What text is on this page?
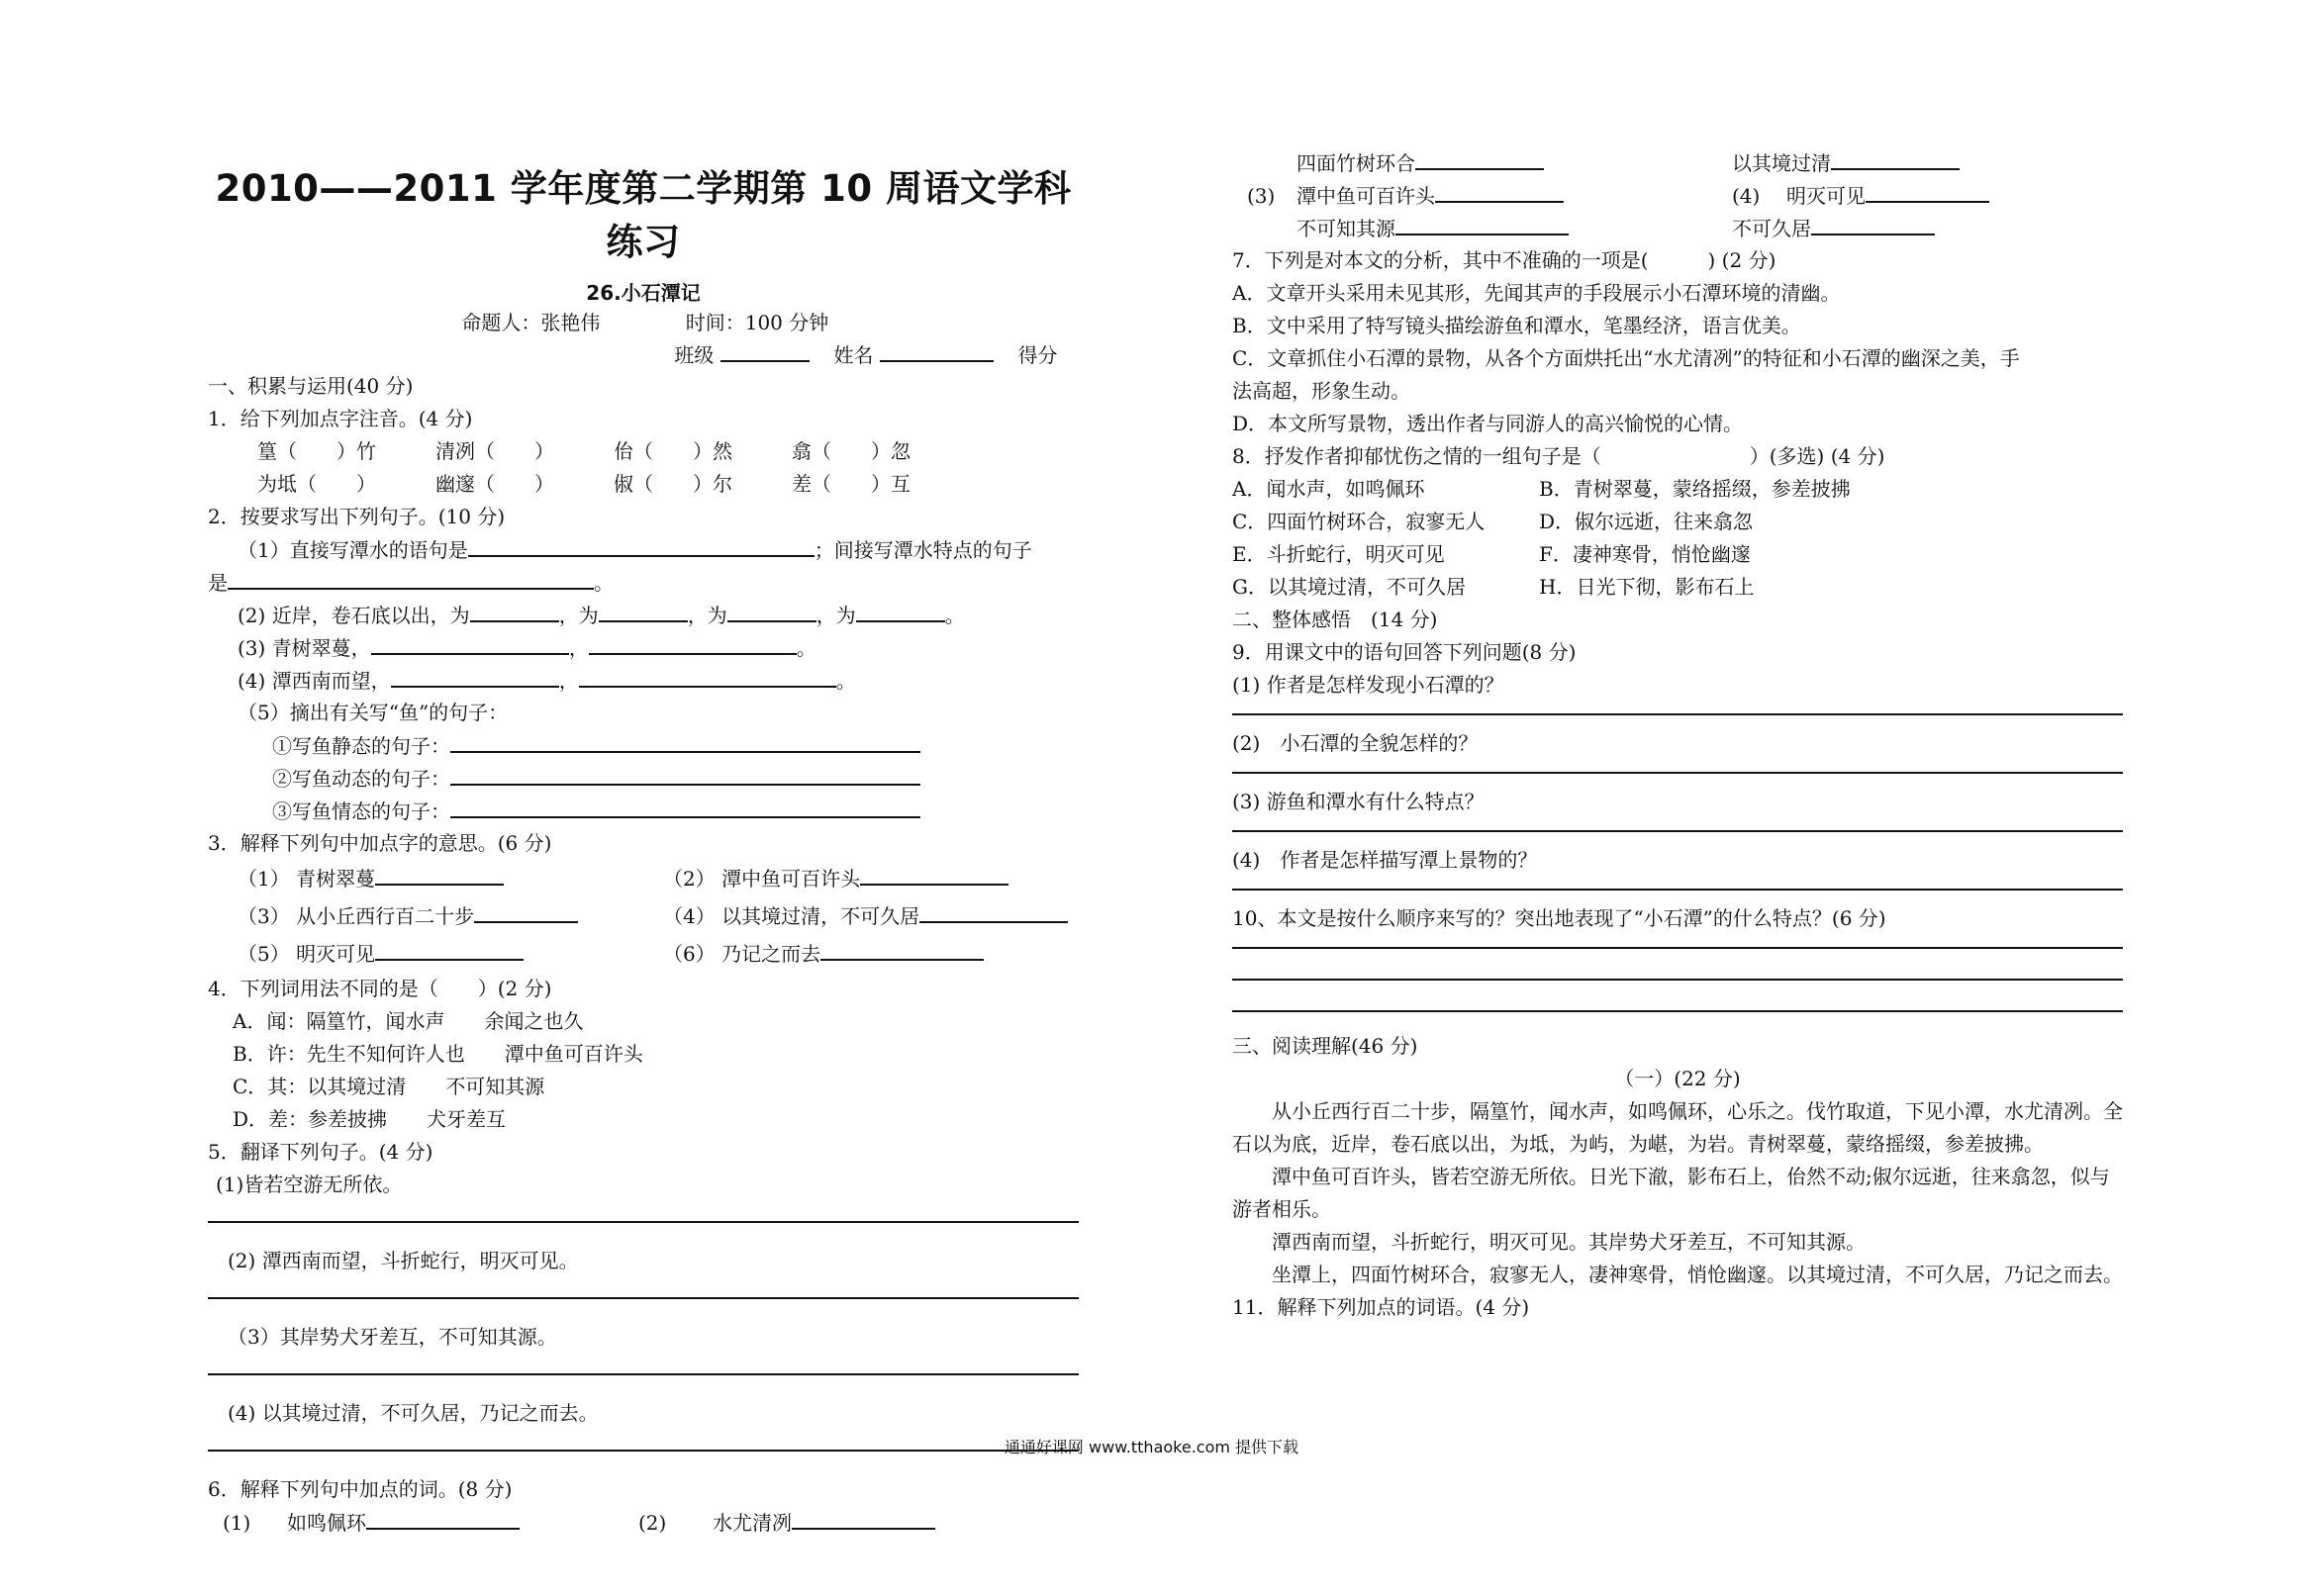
2010——2011 学年度第二学期第 10 周语文学科练习
26.小石潭记
命题人：张艳伟	时间：100 分钟
班级	姓名	得分
一、积累与运用(40 分)
1．给下列加点字注音。(4 分)
篁（　　）竹	清冽（　　）	佁（　　）然	翕（　　）忽
为坻（　　）	幽邃（　　）	俶（　　）尔	差（　　）互
2．按要求写出下列句子。(10 分)
（1）直接写潭水的语句是	；间接写潭水特点的句子
是	。
(2) 近岸，卷石底以出，为	，为	，为	，为	。
(3) 青树翠蔓，	，	。
(4) 潭西南而望，	，	。
（5）摘出有关写“鱼”的句子：
①写鱼静态的句子：
②写鱼动态的句子：
③写鱼情态的句子：
3．解释下列句中加点字的意思。(6 分)
（1） 青树翠蔓	（2） 潭中鱼可百许头
（3） 从小丘西行百二十步	（4） 以其境过清，不可久居
（5） 明灭可见	（6） 乃记之而去
4．下列词用法不同的是（　　）(2 分)
A．闻：隔篁竹，闻水声　　 余闻之也久
B．许：先生不知何许人也　　 潭中鱼可百许头
C．其：以其境过清　　 不可知其源
D．差：参差披拂　　 犬牙差互
5．翻译下列句子。(4 分)
(1)皆若空游无所依。
(2) 潭西南而望，斗折蛇行，明灭可见。
（3）其岸势犬牙差互，不可知其源。
(4) 以其境过清，不可久居，乃记之而去。
6．解释下列句中加点的词。(8 分)
(1) 如鸣佩环	(2) 水尤清冽
四面竹树环合	以其境过清
(3) 潭中鱼可百许头	(4) 明灭可见
不可知其源	不可久居
7．下列是对本文的分析，其中不准确的一项是(　　　) (2 分)
A．文章开头采用未见其形，先闻其声的手段展示小石潭环境的清幽。
B．文中采用了特写镜头描绘游鱼和潭水，笔墨经济，语言优美。
C．文章抓住小石潭的景物，从各个方面烘托出“水尤清冽”的特征和小石潭的幽深之美，手
法高超，形象生动。
D．本文所写景物，透出作者与同游人的高兴愉悦的心情。
8．抒发作者抑郁忧伤之情的一组句子是（	）(多选) (4 分)
A．闻水声，如鸣佩环	B．青树翠蔓，蒙络摇缀，参差披拂
C．四面竹树环合，寂寥无人	D．俶尔远逝，往来翕忽
E．斗折蛇行，明灭可见	F．凄神寒骨，悄怆幽邃
G．以其境过清，不可久居	H．日光下彻，影布石上
二、整体感悟　(14 分)
9．用课文中的语句回答下列问题(8 分)
(1) 作者是怎样发现小石潭的？
(2)　小石潭的全貌怎样的？
(3) 游鱼和潭水有什么特点？
(4)　作者是怎样描写潭上景物的？
10、本文是按什么顺序来写的？突出地表现了“小石潭”的什么特点？(6 分)
三、阅读理解(46 分)
（一）(22 分)
从小丘西行百二十步，隔篁竹，闻水声，如鸣佩环，心乐之。伐竹取道，下见小潭，水尤清冽。全石以为底，近岸，卷石底以出，为坻，为屿，为嵁，为岩。青树翠蔓，蒙络摇缀，参差披拂。
潭中鱼可百许头，皆若空游无所依。日光下澈，影布石上，佁然不动;俶尔远逝，往来翕忽，似与游者相乐。
潭西南而望，斗折蛇行，明灭可见。其岸势犬牙差互，不可知其源。
坐潭上，四面竹树环合，寂寥无人，凄神寒骨，悄怆幽邃。以其境过清，不可久居，乃记之而去。
11．解释下列加点的词语。(4 分)
通通好课网 www.tthaoke.com 提供下载
